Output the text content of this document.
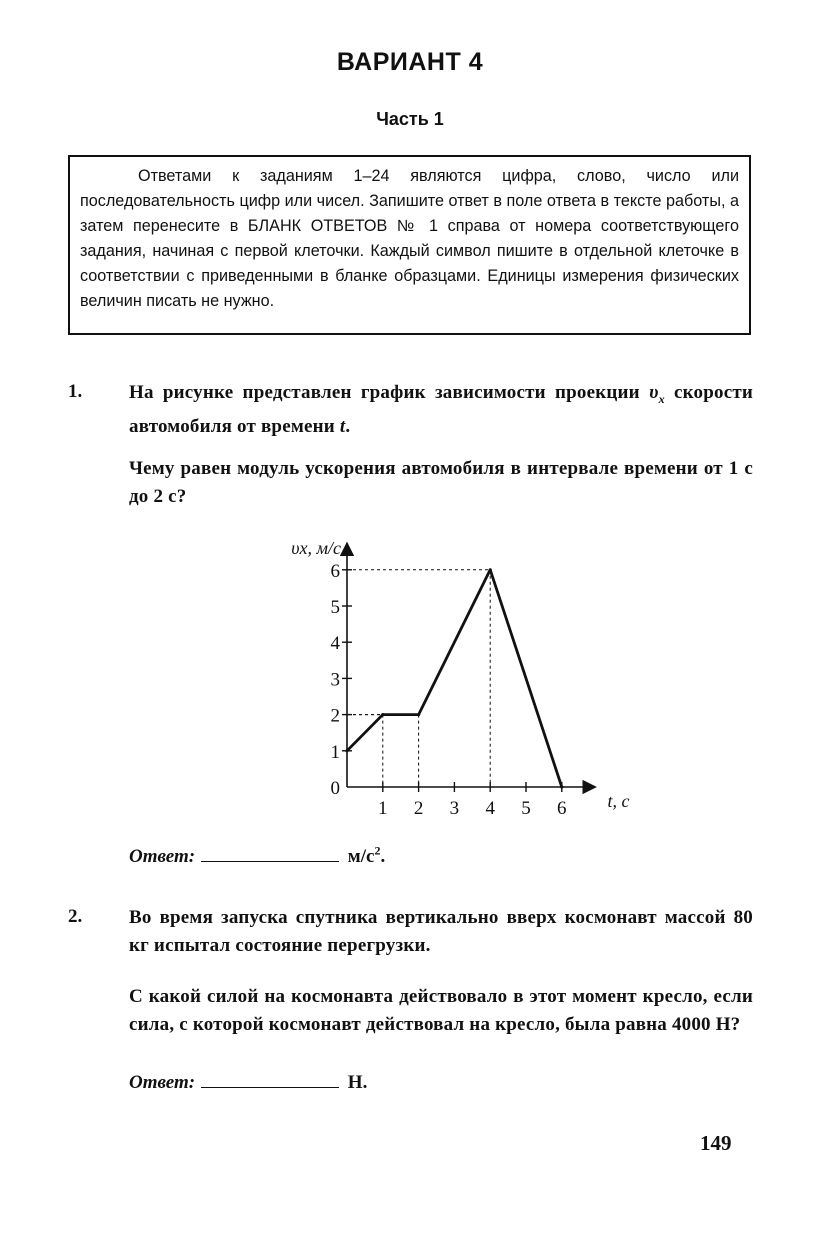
ВАРИАНТ 4
Часть 1

Ответами к заданиям 1–24 являются цифра, слово, число или последовательность цифр или чисел. Запишите ответ в поле ответа в тексте работы, а затем перенесите в БЛАНК ОТВЕТОВ № 1 справа от номера соответствующего задания, начиная с первой клеточки. Каждый символ пишите в отдельной клеточке в соответствии с приведенными в бланке образцами. Единицы измерения физических величин писать не нужно.

1. На рисунке представлен график зависимости проекции $\upsilon_x$ скорости автомобиля от времени t.

Чему равен модуль ускорения автомобиля в интервале времени от 1 с до 2 с?

1 2 3 4 5 6
1
2
3
4
5
6
0
υx, м/с
t, с
Ответ:	$м/с^2$.
2. Во время запуска спутника вертикально вверх космонавт массой 80 кг испытал состояние перегрузки.

С какой силой на космонавта действовало в этот момент кресло, если сила, с которой космонавт действовал на кресло, была равна 4000 Н?

Ответ:	Н.
149
